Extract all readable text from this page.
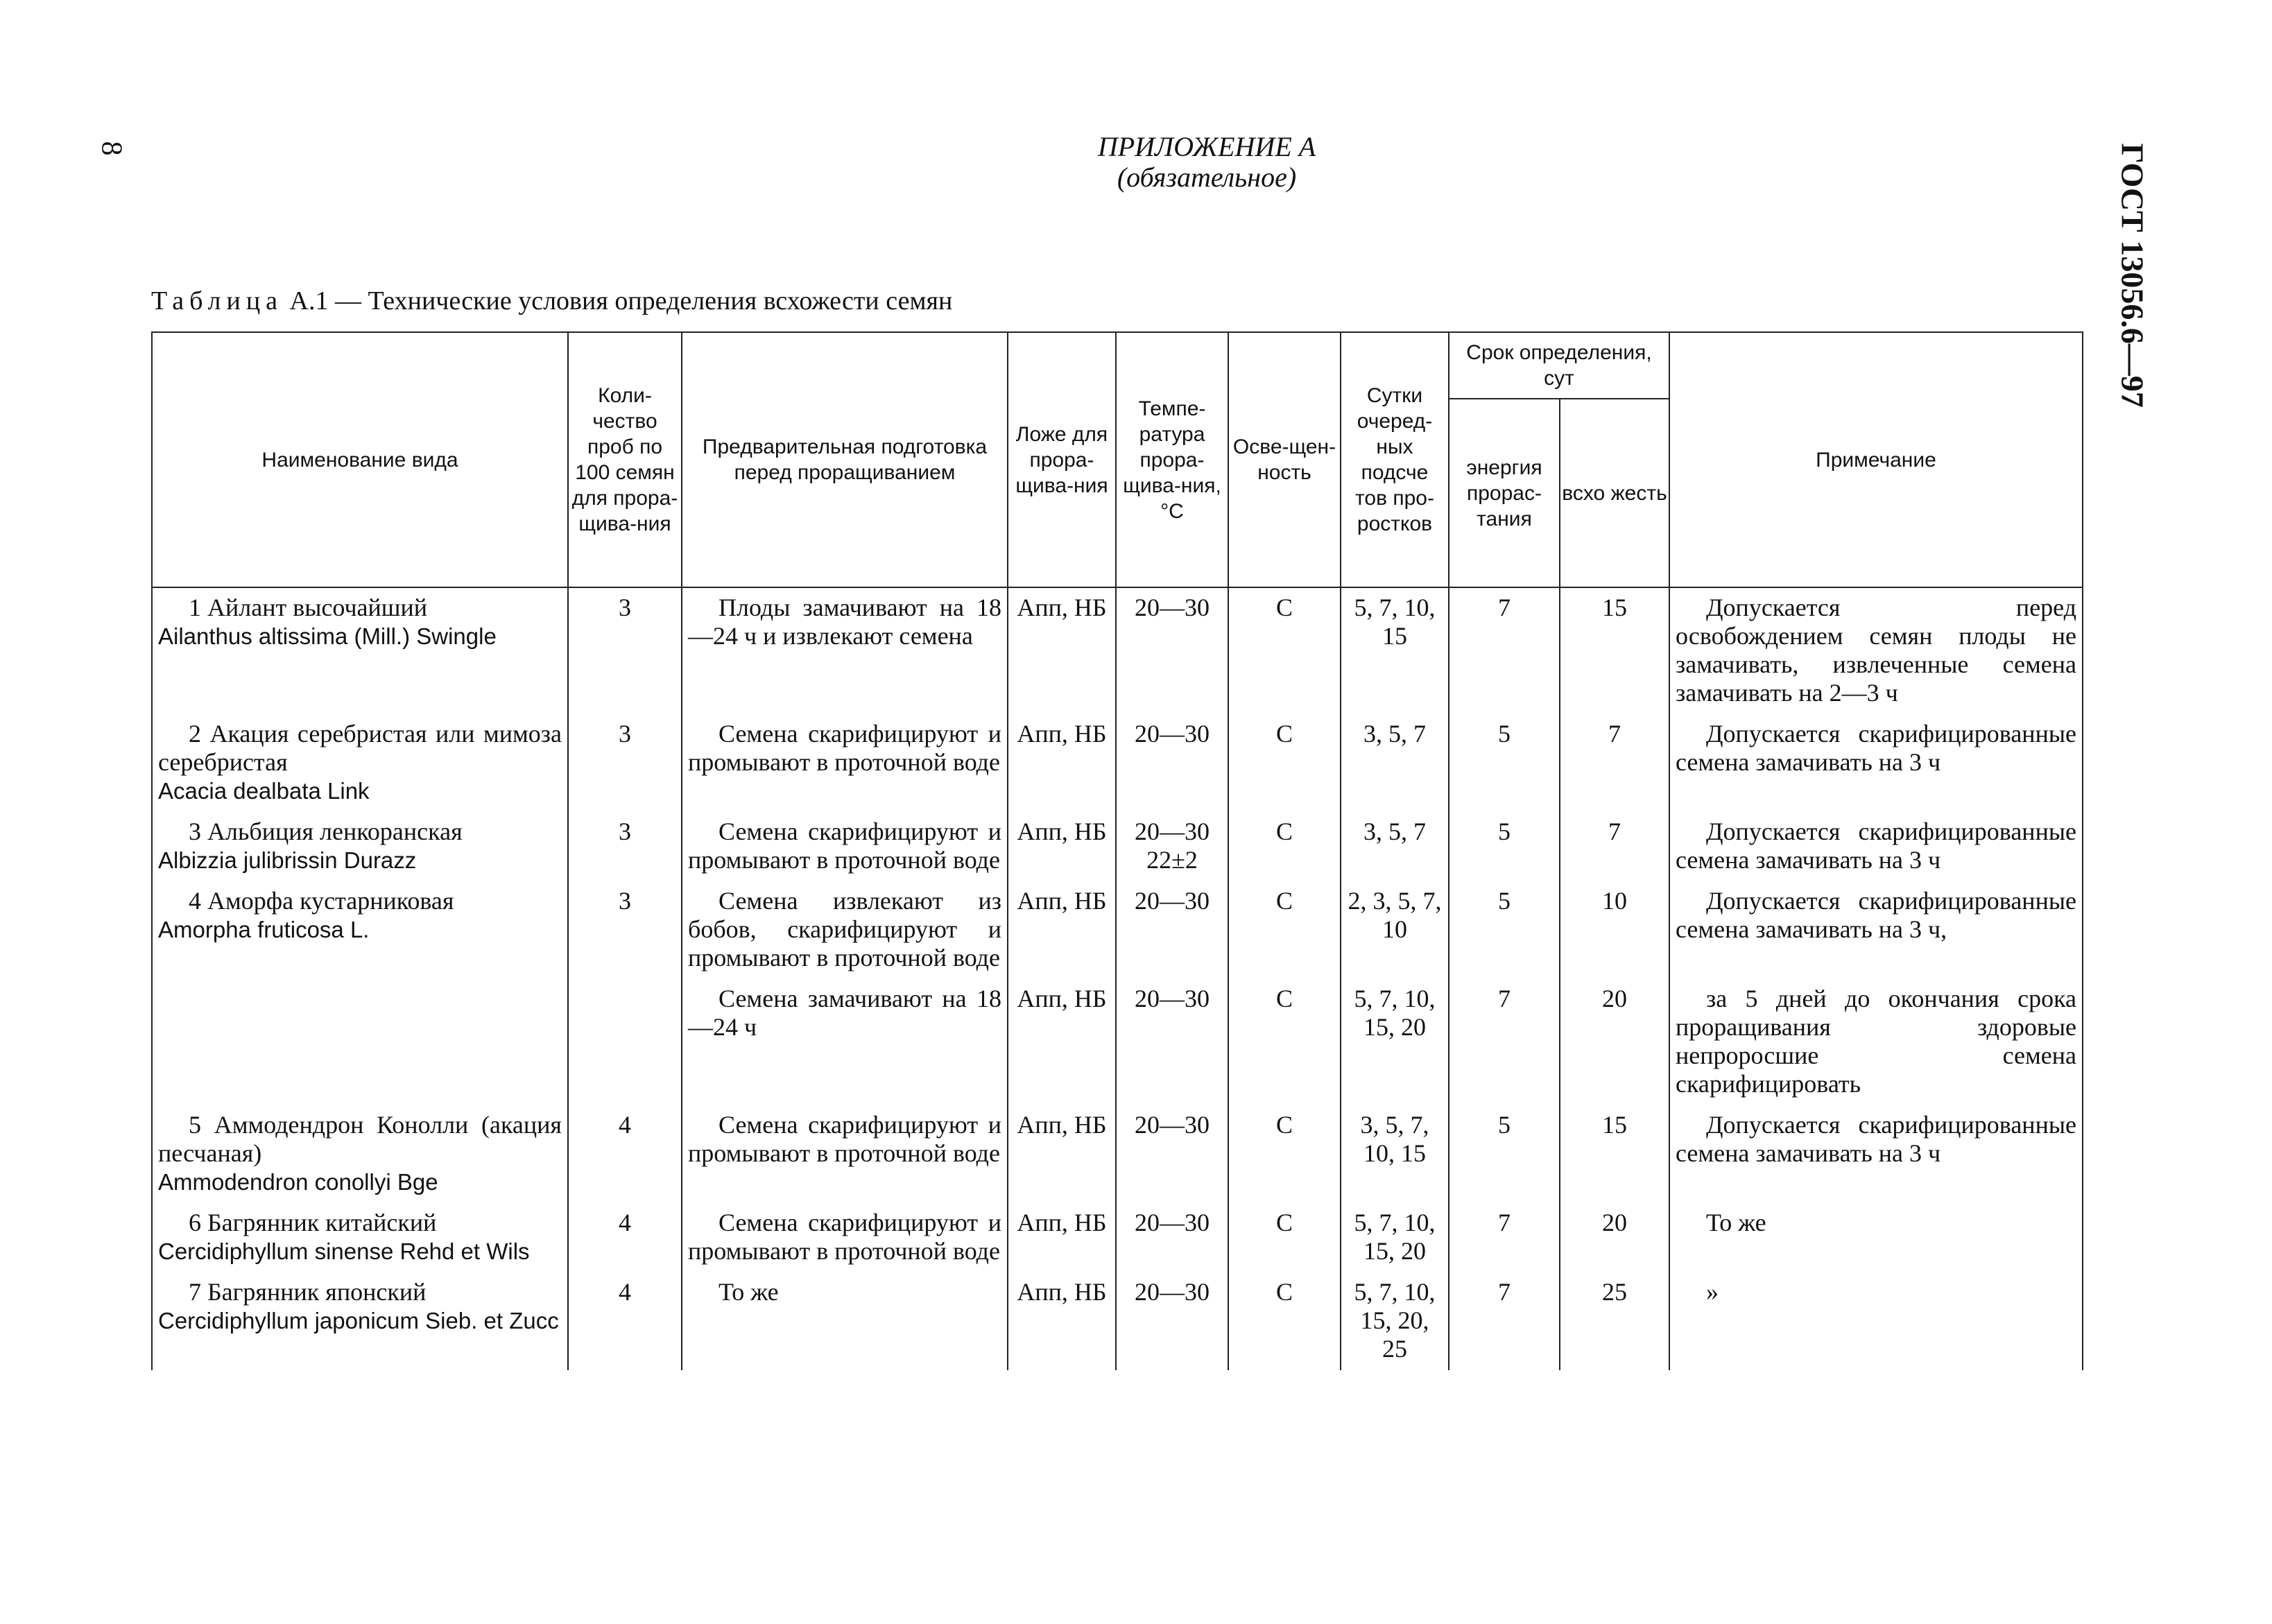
8	ГОСТ 13056.6—97
ПРИЛОЖЕНИЕ А
(обязательное)
Таблица A.1 — Технические условия определения всхожести семян
Наименование вида	Коли-чество проб по 100 семян для прора-щива-ния	Предварительная подготовка перед проращиванием	Ложе для прора-щива-ния	Темпе-ратура прора-щива-ния, °С	Осве-щен-ность	Сутки очеред-ных подсче тов про-ростков	Срок определения, сут		Примечание
							энергия прорас-тания	всхо жесть	

1 Айлант высочайший
Ailanthus altissima (Mill.) Swingle	3	Плоды замачивают на 18—24 ч и извлекают семена	Апп, НБ	20—30	С	5, 7, 10, 15	7	15	Допускается перед освобождением семян плоды не замачивать, извлеченные семена замачивать на 2—3 ч

2 Акация серебристая или мимоза серебристая
Acacia dealbata Link	3	Семена скарифицируют и промывают в проточной воде	Апп, НБ	20—30	С	3, 5, 7	5	7	Допускается скарифицированные семена замачивать на 3 ч

3 Альбиция ленкоранская
Albizzia julibrissin Durazz	3	Семена скарифицируют и промывают в проточной воде	Апп, НБ	20—30 22±2	С	3, 5, 7	5	7	Допускается скарифицированные семена замачивать на 3 ч

4 Аморфа кустарниковая
Amorpha fruticosa L.	3	Семена извлекают из бобов, скарифицируют и промывают в проточной воде	Апп, НБ	20—30	С	2, 3, 5, 7, 10	5	10	Допускается скарифицированные семена замачивать на 3 ч,

		Семена замачивают на 18—24 ч	Апп, НБ	20—30	С	5, 7, 10, 15, 20	7	20	за 5 дней до окончания срока проращивания здоровые непроросшие семена скарифицировать

5 Аммодендрон Конолли (акация песчаная)
Ammodendron conollyi Bge	4	Семена скарифицируют и промывают в проточной воде	Апп, НБ	20—30	С	3, 5, 7, 10, 15	5	15	Допускается скарифицированные семена замачивать на 3 ч

6 Багрянник китайский
Cercidiphyllum sinense Rehd et Wils	4	Семена скарифицируют и промывают в проточной воде	Апп, НБ	20—30	С	5, 7, 10, 15, 20	7	20	То же

7 Багрянник японский
Cercidiphyllum japonicum Sieb. et Zucc	4	То же	Апп, НБ	20—30	С	5, 7, 10, 15, 20, 25	7	25	»
